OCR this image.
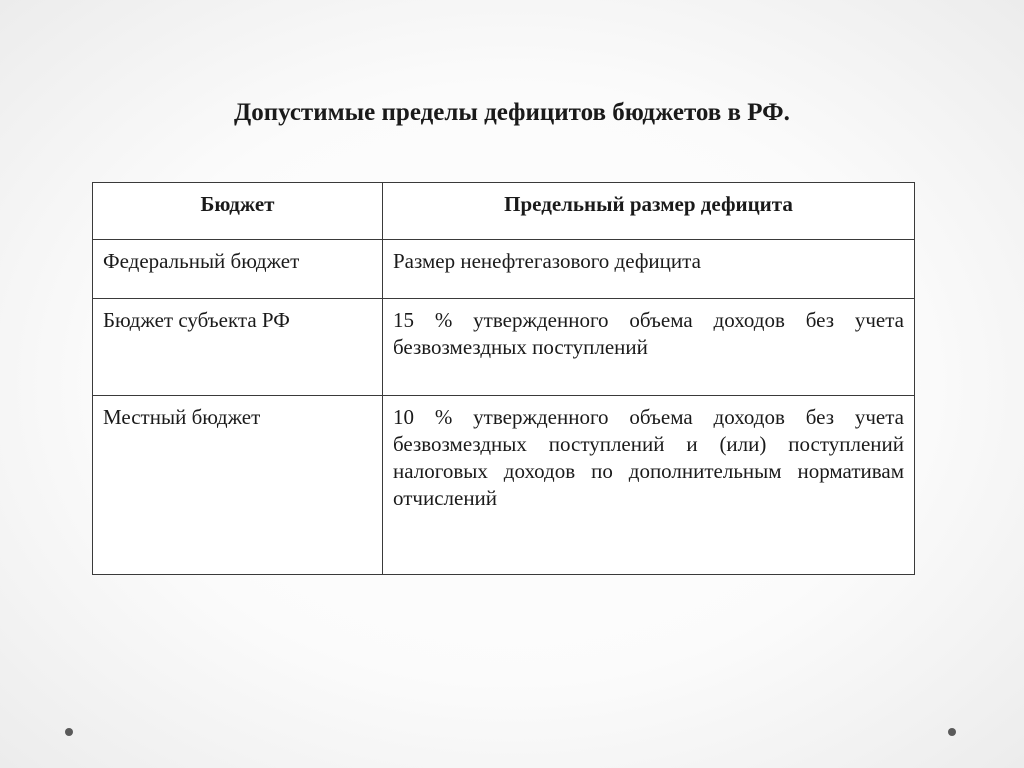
Допустимые пределы дефицитов бюджетов в РФ.
Бюджет	Предельный размер дефицита
Федеральный бюджет	Размер ненефтегазового дефицита
Бюджет субъекта РФ	15 % утвержденного объема доходов без учета безвозмездных поступлений
Местный бюджет	10 % утвержденного объема доходов без учета безвозмездных поступлений и (или) поступлений налоговых доходов по дополнительным нормативам отчислений
